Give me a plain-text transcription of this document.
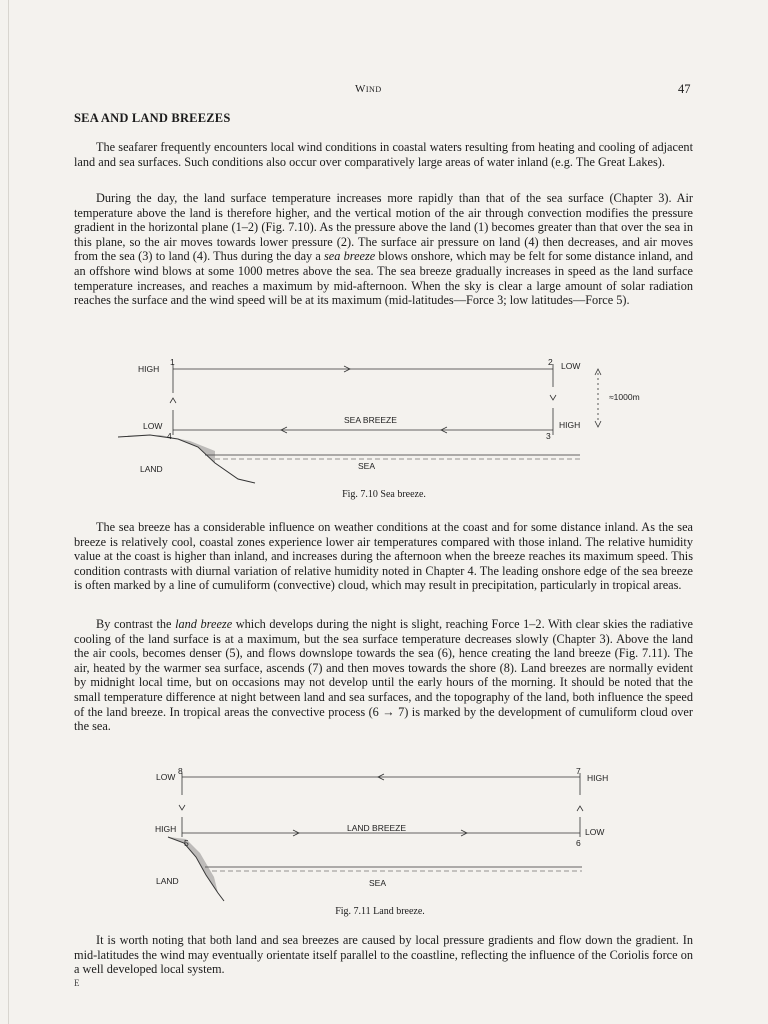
Wind	47
SEA AND LAND BREEZES

The seafarer frequently encounters local wind conditions in coastal waters resulting from heating and cooling of adjacent land and sea surfaces. Such conditions also occur over comparatively large areas of water inland (e.g. The Great Lakes).

During the day, the land surface temperature increases more rapidly than that of the sea surface (Chapter 3). Air temperature above the land is therefore higher, and the vertical motion of the air through convection modifies the pressure gradient in the horizontal plane (1–2) (Fig. 7.10). As the pressure above the land (1) becomes greater than that over the sea in this plane, so the air moves towards lower pressure (2). The surface air pressure on land (4) then decreases, and air moves from the sea (3) to land (4). Thus during the day a sea breeze blows onshore, which may be felt for some distance inland, and an offshore wind blows at some 1000 metres above the sea. The sea breeze gradually increases in speed as the land surface temperature increases, and reaches a maximum by mid-afternoon. When the sky is clear a large amount of solar radiation reaches the surface and the wind speed will be at its maximum (mid-latitudes—Force 3; low latitudes—Force 5).

HIGH
1	2 LOW
≈1000m
LOW
SEA BREEZE	HIGH
4	3
LAND	SEA
Fig. 7.10 Sea breeze.

The sea breeze has a considerable influence on weather conditions at the coast and for some distance inland. As the sea breeze is relatively cool, coastal zones experience lower air temperatures compared with those inland. The relative humidity value at the coast is higher than inland, and increases during the afternoon when the breeze reaches its maximum speed. This condition contrasts with diurnal variation of relative humidity noted in Chapter 4. The leading onshore edge of the sea breeze is often marked by a line of cumuliform (convective) cloud, which may result in precipitation, particularly in tropical areas.

By contrast the land breeze which develops during the night is slight, reaching Force 1–2. With clear skies the radiative cooling of the land surface is at a maximum, but the sea surface temperature decreases slowly (Chapter 3). Above the land the air cools, becomes denser (5), and flows downslope towards the sea (6), hence creating the land breeze (Fig. 7.11). The air, heated by the warmer sea surface, ascends (7) and then moves towards the shore (8). Land breezes are normally evident by midnight local time, but on occasions may not develop until the early hours of the morning. It should be noted that the small temperature difference at night between land and sea surfaces, and the topography of the land, both influence the speed of the land breeze. In tropical areas the convective process (6 → 7) is marked by the development of cumuliform cloud over the sea.

LOW
8	7
HIGH
HIGH	LAND BREEZE	LOW
5	6
LAND	SEA
Fig. 7.11 Land breeze.

It is worth noting that both land and sea breezes are caused by local pressure gradients and flow down the gradient. In mid-latitudes the wind may eventually orientate itself parallel to the coastline, reflecting the influence of the Coriolis force on a well developed local system.

E
